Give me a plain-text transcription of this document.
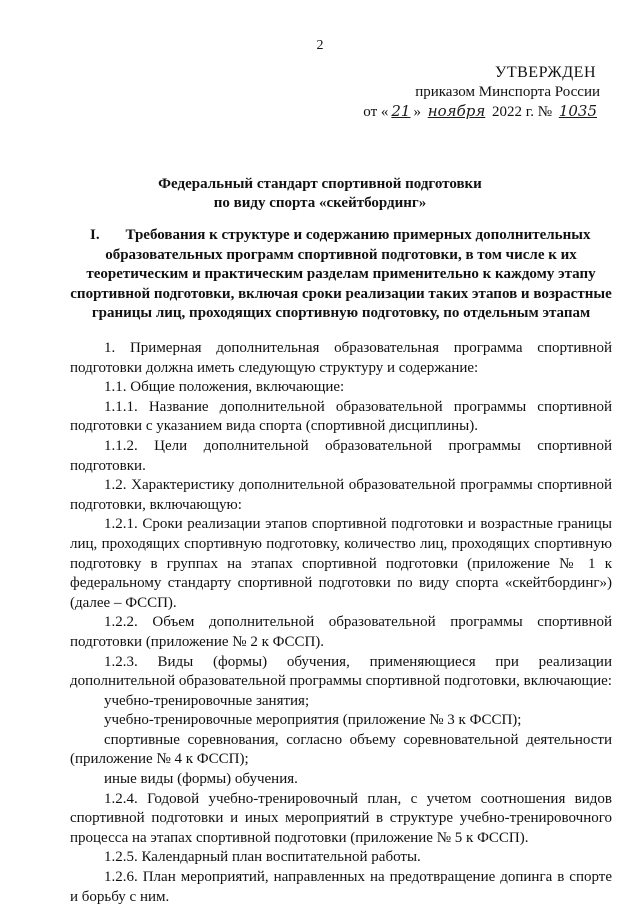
2
УТВЕРЖДЕН
приказом Минспорта России
от « 21 » ноября 2022 г. № 1035
Федеральный стандарт спортивной подготовки
по виду спорта «скейтбординг»
I.	Требования к структуре и содержанию примерных дополнительных образовательных программ спортивной подготовки, в том числе к их теоретическим и практическим разделам применительно к каждому этапу спортивной подготовки, включая сроки реализации таких этапов и возрастные границы лиц, проходящих спортивную подготовку, по отдельным этапам

1. Примерная дополнительная образовательная программа спортивной подготовки должна иметь следующую структуру и содержание:

1.1. Общие положения, включающие:

1.1.1. Название дополнительной образовательной программы спортивной подготовки с указанием вида спорта (спортивной дисциплины).

1.1.2. Цели дополнительной образовательной программы спортивной подготовки.

1.2. Характеристику дополнительной образовательной программы спортивной подготовки, включающую:

1.2.1. Сроки реализации этапов спортивной подготовки и возрастные границы лиц, проходящих спортивную подготовку, количество лиц, проходящих спортивную подготовку в группах на этапах спортивной подготовки (приложение № 1 к федеральному стандарту спортивной подготовки по виду спорта «скейтбординг») (далее – ФССП).

1.2.2. Объем дополнительной образовательной программы спортивной подготовки (приложение № 2 к ФССП).

1.2.3. Виды (формы) обучения, применяющиеся при реализации дополнительной образовательной программы спортивной подготовки, включающие:

учебно-тренировочные занятия;

учебно-тренировочные мероприятия (приложение № 3 к ФССП);

спортивные соревнования, согласно объему соревновательной деятельности (приложение № 4 к ФССП);

иные виды (формы) обучения.

1.2.4. Годовой учебно-тренировочный план, с учетом соотношения видов спортивной подготовки и иных мероприятий в структуре учебно-тренировочного процесса на этапах спортивной подготовки (приложение № 5 к ФССП).

1.2.5. Календарный план воспитательной работы.

1.2.6. План мероприятий, направленных на предотвращение допинга в спорте и борьбу с ним.
